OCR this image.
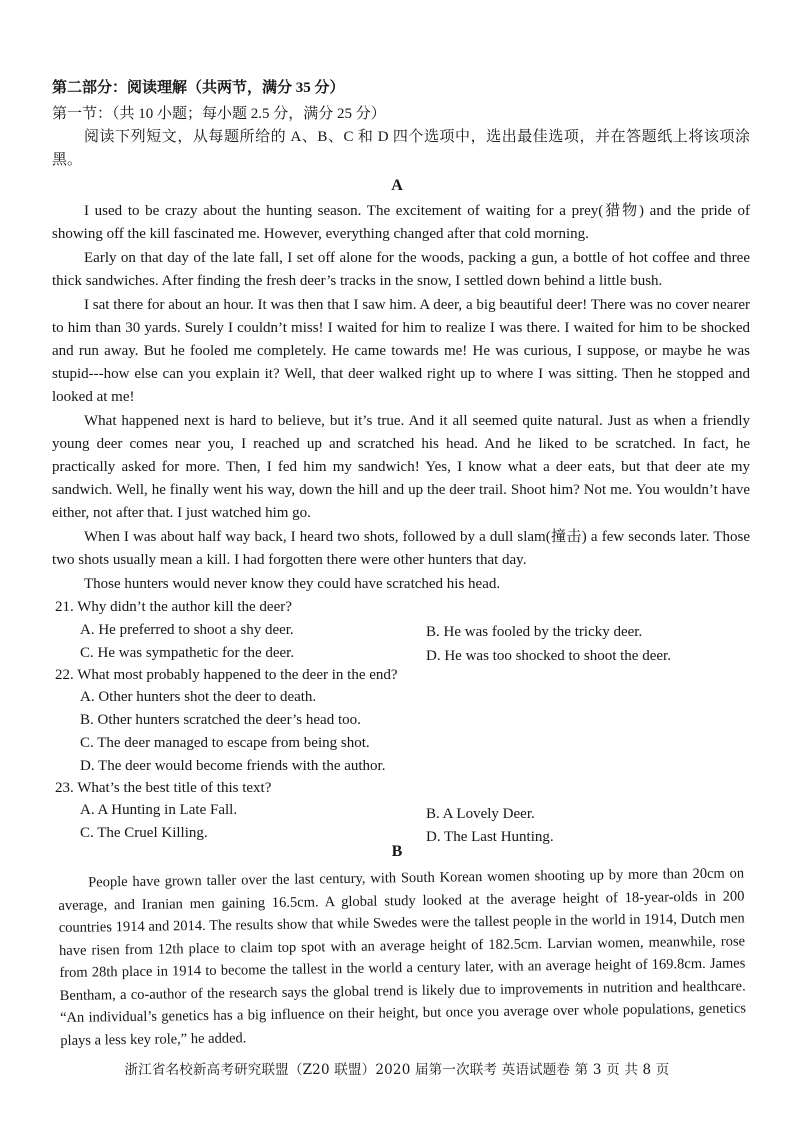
第二部分：阅读理解（共两节，满分 35 分）
第一节：（共 10 小题；每小题 2.5 分，满分 25 分）

阅读下列短文，从每题所给的 A、B、C 和 D 四个选项中，选出最佳选项，并在答题纸上将该项涂黑。

A

I used to be crazy about the hunting season. The excitement of waiting for a prey(猎物) and the pride of showing off the kill fascinated me. However, everything changed after that cold morning.

Early on that day of the late fall, I set off alone for the woods, packing a gun, a bottle of hot coffee and three thick sandwiches. After finding the fresh deer’s tracks in the snow, I settled down behind a little bush.

I sat there for about an hour. It was then that I saw him. A deer, a big beautiful deer! There was no cover nearer to him than 30 yards. Surely I couldn’t miss! I waited for him to realize I was there. I waited for him to be shocked and run away. But he fooled me completely. He came towards me! He was curious, I suppose, or maybe he was stupid---how else can you explain it? Well, that deer walked right up to where I was sitting. Then he stopped and looked at me!

What happened next is hard to believe, but it’s true. And it all seemed quite natural. Just as when a friendly young deer comes near you, I reached up and scratched his head. And he liked to be scratched. In fact, he practically asked for more. Then, I fed him my sandwich! Yes, I know what a deer eats, but that deer ate my sandwich. Well, he finally went his way, down the hill and up the deer trail. Shoot him? Not me. You wouldn’t have either, not after that. I just watched him go.

When I was about half way back, I heard two shots, followed by a dull slam(撞击) a few seconds later. Those two shots usually mean a kill. I had forgotten there were other hunters that day.

Those hunters would never know they could have scratched his head.

21. Why didn’t the author kill the deer?
A. He preferred to shoot a shy deer.	B. He was fooled by the tricky deer.
C. He was sympathetic for the deer.	D. He was too shocked to shoot the deer.
22. What most probably happened to the deer in the end?
A. Other hunters shot the deer to death.
B. Other hunters scratched the deer’s head too.
C. The deer managed to escape from being shot.
D. The deer would become friends with the author.
23. What’s the best title of this text?
A. A Hunting in Late Fall.	B. A Lovely Deer.
C. The Cruel Killing.	D. The Last Hunting.
B

People have grown taller over the last century, with South Korean women shooting up by more than 20cm on average, and Iranian men gaining 16.5cm. A global study looked at the average height of 18-year-olds in 200 countries 1914 and 2014. The results show that while Swedes were the tallest people in the world in 1914, Dutch men have risen from 12th place to claim top spot with an average height of 182.5cm. Larvian women, meanwhile, rose from 28th place in 1914 to become the tallest in the world a century later, with an average height of 169.8cm. James Bentham, a co-author of the research says the global trend is likely due to improvements in nutrition and healthcare. “An individual’s genetics has a big influence on their height, but once you average over whole populations, genetics plays a less key role,” he added.

浙江省名校新高考研究联盟（Z20 联盟）2020 届第一次联考 英语试题卷 第 3 页 共 8 页
